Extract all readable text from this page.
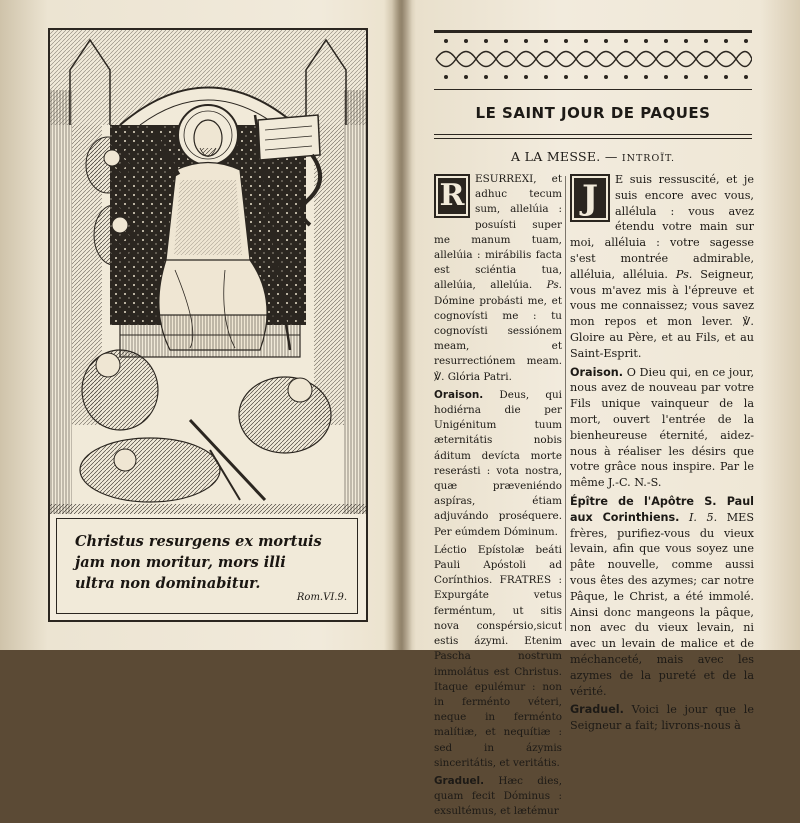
Christus resurgens ex mortuis
jam non moritur, mors illi
ultra non dominabitur.
Rom.VI.9.
LE SAINT JOUR DE PAQUES
A LA MESSE. — INTROÏT.

R	ESURREXI, et adhuc tecum sum, allelúia : posuísti super me manum tuam, allelúia : mirábilis facta est sciéntia tua, allelúia, allelúia. Ps. Dómine probásti me, et cognovísti me : tu cognovísti sessiónem meam, et resurrectiónem meam. ℣. Glória Patri.

Oraison. Deus, qui hodiérna die per Unigénitum tuum æternitátis nobis áditum devícta morte reserásti : vota nostra, quæ præveniéndo aspíras, étiam adjuvándo proséquere. Per eúmdem Dóminum.

Léctio Epístolæ beáti Pauli Apóstoli ad Corínthios. FRATRES : Expurgáte vetus ferméntum, ut sitis nova conspérsio,sicut estis ázymi. Etenim Pascha nostrum immolátus est Christus. Itaque epulémur : non in ferménto véteri, neque in ferménto malítiæ, et nequítiæ : sed in ázymis sinceritátis, et veritátis.

Graduel. Hæc dies, quam fecit Dóminus : exsultémus, et lætémur

J	E suis ressuscité, et je suis encore avec vous, allélula : vous avez étendu votre main sur moi, alléluia : votre sagesse s'est montrée admirable, alléluia, alléluia. Ps. Seigneur, vous m'avez mis à l'épreuve et vous me connaissez; vous savez mon repos et mon lever. ℣. Gloire au Père, et au Fils, et au Saint-Esprit.

Oraison. O Dieu qui, en ce jour, nous avez de nouveau par votre Fils unique vainqueur de la mort, ouvert l'entrée de la bienheureuse éternité, aidez-nous à réaliser les désirs que votre grâce nous inspire. Par le même J.-C. N.-S.

Épître de l'Apôtre S. Paul aux Corinthiens. I. 5. MES frères, purifiez-vous du vieux levain, afin que vous soyez une pâte nouvelle, comme aussi vous êtes des azymes; car notre Pâque, le Christ, a été immolé. Ainsi donc mangeons la pâque, non avec du vieux levain, ni avec un levain de malice et de méchanceté, mais avec les azymes de la pureté et de la vérité.

Graduel. Voici le jour que le Seigneur a fait; livrons-nous à
